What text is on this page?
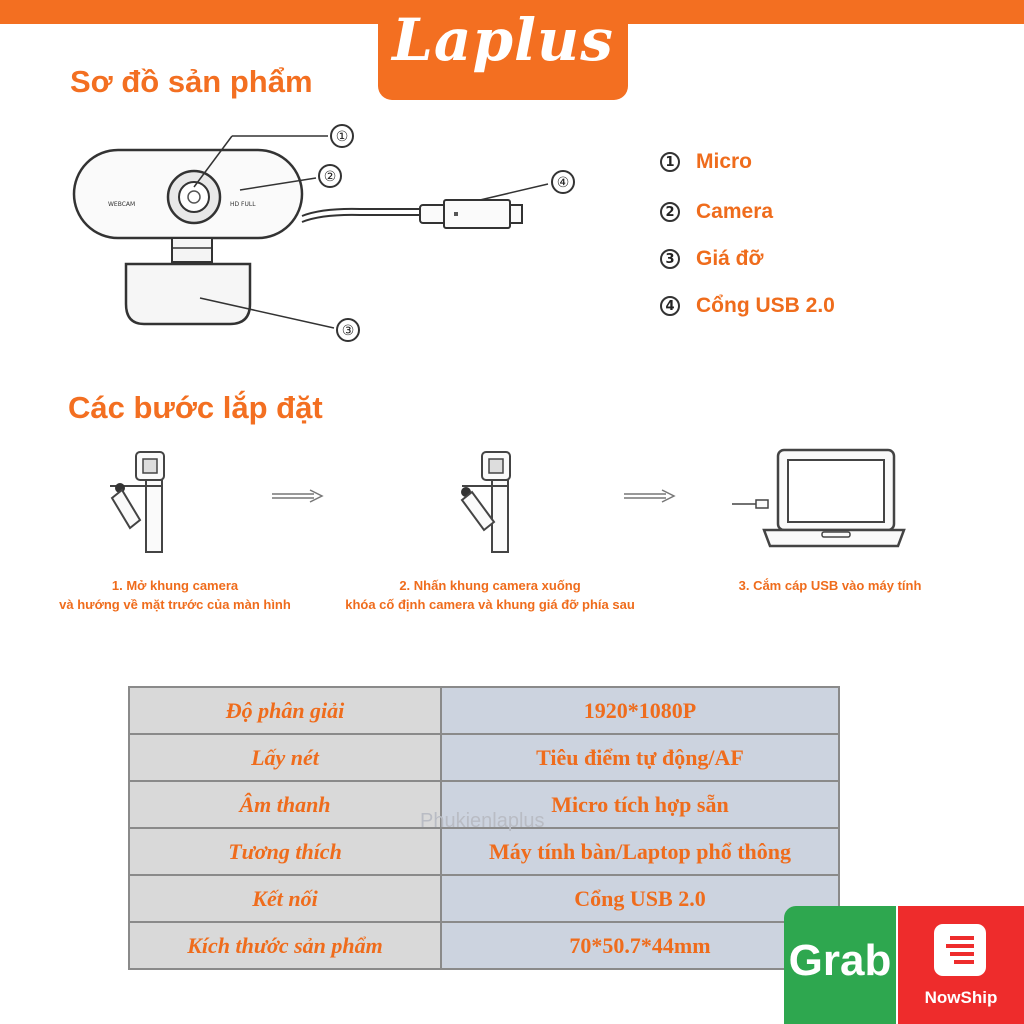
Laplus
Sơ đồ sản phẩm
WEBCAM	HD FULL
①
②
③
④
1 Micro
2 Camera
3 Giá đỡ
4 Cổng USB 2.0
Các bước lắp đặt
1. Mở khung camera
và hướng về mặt trước của màn hình
2. Nhấn khung camera xuống
khóa cố định camera và khung giá đỡ phía sau
3. Cắm cáp USB vào máy tính
Độ phân giải	1920*1080P
Lấy nét	Tiêu điểm tự động/AF
Âm thanh	Micro tích hợp sẵn
Tương thích	Máy tính bàn/Laptop phổ thông
Kết nối	Cổng USB 2.0
Kích thước sản phẩm	70*50.7*44mm
Phukienlaplus
Grab
NowShip
